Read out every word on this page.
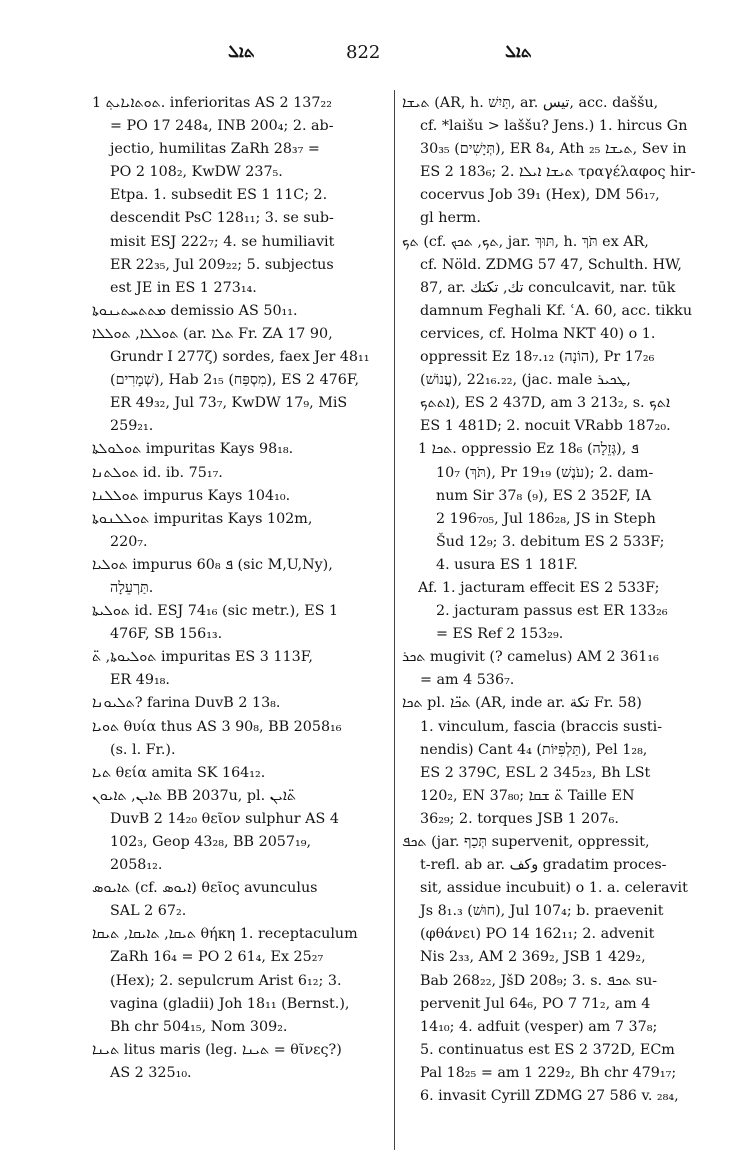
ܬܐܠ	822	ܬܐܠ
ܬܘܬܐܝܐܝܬ݂ 1. inferioritas AS 2 137₂₂
= PO 17 248₄, INB 200₄; 2. ab-
jectio, humilitas ZaRh 28₃₇ =
PO 2 108₂, KwDW 237₅.
Etpa. 1. subsedit ES 1 11C; 2.
descendit PsC 128₁₁; 3. se sub-
misit ESJ 222₇; 4. se humiliavit
ER 22₃₅, Jul 209₂₂; 5. subjectus
est JE in ES 1 273₁₄.
ܡܬܬܚܬܝܢܘܬܐ demissio AS 50₁₁.
ܬܘܠܠܐ, ܬܘܠܠܐ (ar. ܬܠܐ Fr. ZA 17 90,
Grundr I 277ζ) sordes, faex Jer 48₁₁
(שְׁמָרִים), Hab 2₁₅ (מִסְפַּח), ES 2 476F,
ER 49₃₂, Jul 73₇, KwDW 17₉, MiS
259₂₁.
ܬܘܠܘܠܬܐ impuritas Kays 98₁₈.
ܬܘܠܬܢܐ id. ib. 75₁₇.
ܬܘܠܠܢܐ impurus Kays 104₁₀.
ܬܘܠܠܢܘܬܐ impuritas Kays 102m,
220₇.
ܬܘܠܝܐ impurus ܦ 60₈ (sic M,U,Ny),
תַּרְעֵלָה.
ܬܘܠܝܬܐ id. ESJ 74₁₆ (sic metr.), ES 1
476F, SB 156₁₃.
ܬܘܠܝܘܬܐ, ܬ̈ impuritas ES 3 113F,
ER 49₁₈.
ܬܠܝܘܢܐ? farina DuvB 2 13₈.
ܬܘܝܐ θυία thus AS 3 90₈, BB 2058₁₆
(s. l. Fr.).
ܬܝܐ θεία amita SK 164₁₂.
ܬܐܝܢ, ܬܐܝܘܢ BB 2037u, pl. ܬ̈ܐܝܢ
DuvB 2 14₂₀ θεῖον sulphur AS 4
102₃, Geop 43₂₈, BB 2057₁₉,
2058₁₂.
ܬܐܝܘܣ (cf. ܐܝܘܣ) θεῖος avunculus
SAL 2 67₂.
ܬܝܩܐ, ܬܐܝܩܐ, ܬܝܩܐ θήκη 1. receptaculum
ZaRh 16₄ = PO 2 61₄, Ex 25₂₇
(Hex); 2. sepulcrum Arist 6₁₂; 3.
vagina (gladii) Joh 18₁₁ (Bernst.),
Bh chr 504₁₅, Nom 309₂.
ܬܝܢܐ litus maris (leg. ܬܝܢܐ = θῖνες?)
AS 2 325₁₀.
ܬܝܫܐ (AR, h. תַּיִשׁ, ar. تيس, acc. daššu,
cf. *laišu > laššu? Jens.) 1. hircus Gn
30₃₅ (תְּיָשִׁים), ER 8₄, Ath ܬܝܫܐ ₂₅, Sev in
ES 2 183₆; 2. ܬܝܫܐ ܐܝܠܐ τραγέλαφος hir-
cocervus Job 39₁ (Hex), DM 56₁₇,
gl herm.
ܬܟ (cf. ܬܟ, ܬܟܟ, jar. תּוּךְ, h. תֹּךְ ex AR,
cf. Nöld. ZDMG 57 47, Schulth. HW,
87, ar. تك, تكتك conculcavit, nar. tūk
damnum Feghali Kf. ʿA. 60, acc. tikku
cervices, cf. Holma NKT 40) o 1.
oppressit Ez 18₇.₁₂ (הוֹנָה), Pr 17₂₆
(עֲנוֹשׁ), 22₁₆.₂₂, (jac. male ܛܟܝܪ,
ܐܬܬܟ), ES 2 437D, am 3 213₂, s. ܐܬܟ
ES 1 481D; 2. nocuit VRabb 187₂₀.
ܬܟܐ 1. oppressio Ez 18₆ (גְּזֵלָה), ܦ
10₇ (תֹּךְ), Pr 19₁₉ (עֹנֶשׁ); 2. dam-
num Sir 37₈ (₉), ES 2 352F, IA
2 196₇₀₅, Jul 186₂₈, JS in Steph
Šud 12₉; 3. debitum ES 2 533F;
4. usura ES 1 181F.
Af. 1. jacturam effecit ES 2 533F;
2. jacturam passus est ER 133₂₆
= ES Ref 2 153₂₉.
ܬܟܪ mugivit (? camelus) AM 2 361₁₆
= am 4 536₇.
ܬܟܐ pl. ܬܟ̈ܐ (AR, inde ar. تكة Fr. 58)
1. vinculum, fascia (braccis susti-
nendis) Cant 4₄ (תַּלְפִּיּוֹת), Pel 1₂₈,
ES 2 379C, ESL 2 345₂₃, Bh LSt
120₂, EN 37₈₀; ܬ̈ ܫܩܐ Taille EN
36₂₉; 2. torques JSB 1 207₆.
ܬܟܦ (jar. תְּכַף supervenit, oppressit,
t-refl. ab ar. وكف gradatim proces-
sit, assidue incubuit) o 1. a. celeravit
Js 8₁.₃ (חוּשׁ), Jul 107₄; b. praevenit
(φθάνει) PO 14 162₁₁; 2. advenit
Nis 2₃₃, AM 2 369₂, JSB 1 429₂,
Bab 268₂₂, JšD 208₉; 3. s. ܬܟܦ su-
pervenit Jul 64₆, PO 7 71₂, am 4
14₁₀; 4. adfuit (vesper) am 7 37₈;
5. continuatus est ES 2 372D, ECm
Pal 18₂₅ = am 1 229₂, Bh chr 479₁₇;
6. invasit Cyrill ZDMG 27 586 v. ₂₈₄,
